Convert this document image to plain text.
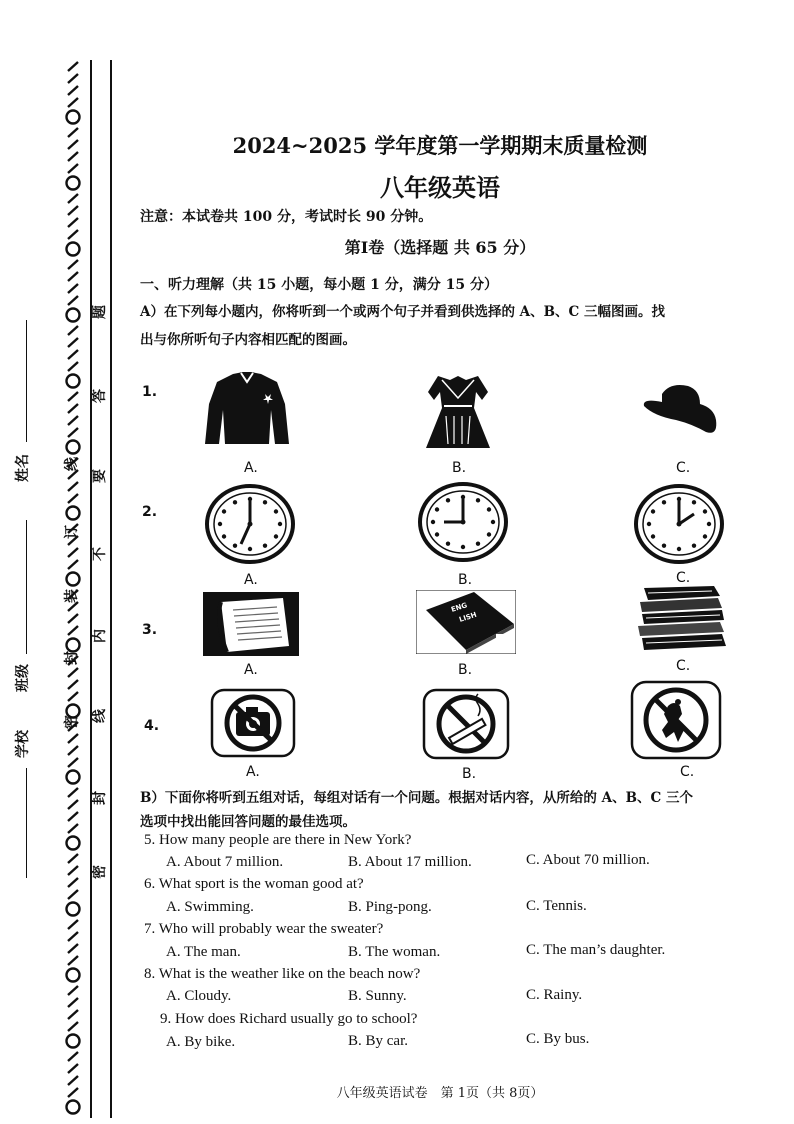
线
订
装
封
密
题
答
要
不
内
线
封
密
姓名
班级
学校
2024~2025 学年度第一学期期末质量检测
八年级英语
注意：本试卷共 100 分，考试时长 90 分钟。
第Ⅰ卷（选择题 共 65 分）
一、听力理解（共 15 小题，每小题 1 分，满分 15 分）
A）在下列每小题内，你将听到一个或两个句子并看到供选择的 A、B、C 三幅图画。找
出与你所听句子内容相匹配的图画。
1.
A.	B.	C.
2.
A.	B.	C.
3.
A.
ENG
LISH
B.	C.
4.
A.	B.	C.
B）下面你将听到五组对话，每组对话有一个问题。根据对话内容，从所给的 A、B、C 三个
选项中找出能回答问题的最佳选项。
5. How many people are there in New York?
A. About 7 million.	B. About 17 million.	C. About 70 million.
6. What sport is the woman good at?
A. Swimming.	B. Ping-pong.	C. Tennis.
7. Who will probably wear the sweater?
A. The man.	B. The woman.	C. The man’s daughter.
8. What is the weather like on the beach now?
A. Cloudy.	B. Sunny.	C. Rainy.
9. How does Richard usually go to school?
A. By bike.	B. By car.	C. By bus.
八年级英语试卷　第 1页（共 8页）
